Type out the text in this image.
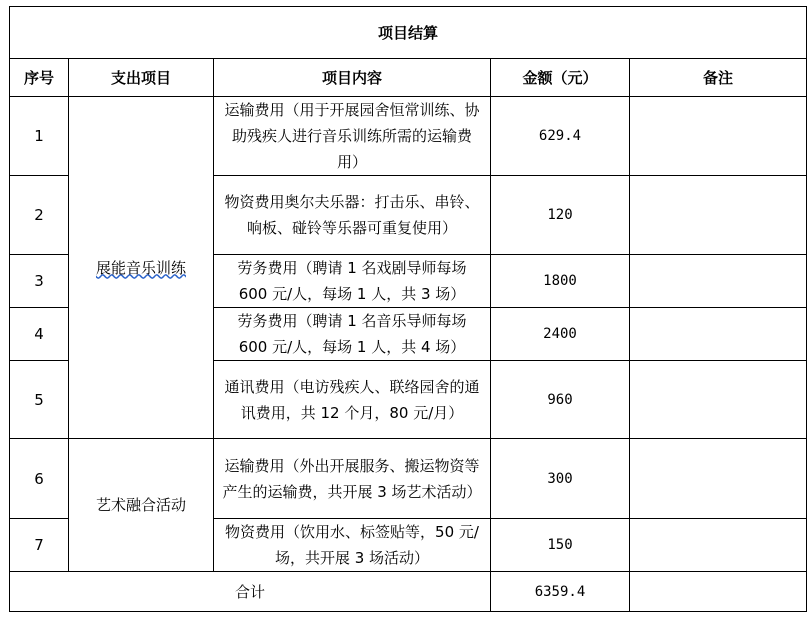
项目结算				
序号	支出项目	项目内容	金额（元）	备注
1	展能音乐训练	运输费用（用于开展园舍恒常训练、协助残疾人进行音乐训练所需的运输费用）	629.4	
2		物资费用奥尔夫乐器：打击乐、串铃、响板、碰铃等乐器可重复使用）	120	
3		劳务费用（聘请 1 名戏剧导师每场 600 元/人，每场 1 人，共 3 场）	1800	
4		劳务费用（聘请 1 名音乐导师每场 600 元/人，每场 1 人，共 4 场）	2400	
5		通讯费用（电访残疾人、联络园舍的通讯费用，共 12 个月，80 元/月）	960	
6	艺术融合活动	运输费用（外出开展服务、搬运物资等产生的运输费，共开展 3 场艺术活动）	300	
7		物资费用（饮用水、标签贴等，50 元/场，共开展 3 场活动）	150	
合计			6359.4	
